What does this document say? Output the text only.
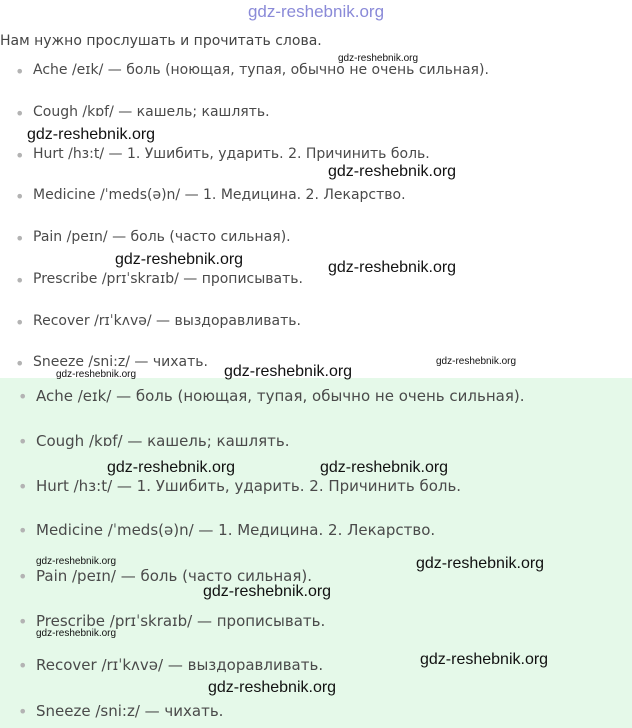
gdz-reshebnik.org
Нам нужно прослушать и прочитать слова.
• Ache /eɪk/ — боль (ноющая, тупая, обычно не очень сильная).
• Cough /kɒf/ — кашель; кашлять.
• Hurt /hɜ:t/ — 1. Ушибить, ударить. 2. Причинить боль.
• Medicine /ˈmeds(ə)n/ — 1. Медицина. 2. Лекарство.
• Pain /peɪn/ — боль (часто сильная).
• Prescribe /prɪˈskraɪb/ — прописывать.
• Recover /rɪˈkʌvə/ — выздоравливать.
• Sneeze /sni:z/ — чихать.
• Ache /eɪk/ — боль (ноющая, тупая, обычно не очень сильная).
• Cough /kɒf/ — кашель; кашлять.
• Hurt /hɜ:t/ — 1. Ушибить, ударить. 2. Причинить боль.
• Medicine /ˈmeds(ə)n/ — 1. Медицина. 2. Лекарство.
• Pain /peɪn/ — боль (часто сильная).
• Prescribe /prɪˈskraɪb/ — прописывать.
• Recover /rɪˈkʌvə/ — выздоравливать.
• Sneeze /sni:z/ — чихать.
gdz-reshebnik.org
gdz-reshebnik.org
gdz-reshebnik.org
gdz-reshebnik.org	gdz-reshebnik.org
gdz-reshebnik.org
gdz-reshebnik.org
gdz-reshebnik.org
gdz-reshebnik.org	gdz-reshebnik.org
gdz-reshebnik.org	gdz-reshebnik.org
gdz-reshebnik.org
gdz-reshebnik.org
gdz-reshebnik.org
gdz-reshebnik.org
